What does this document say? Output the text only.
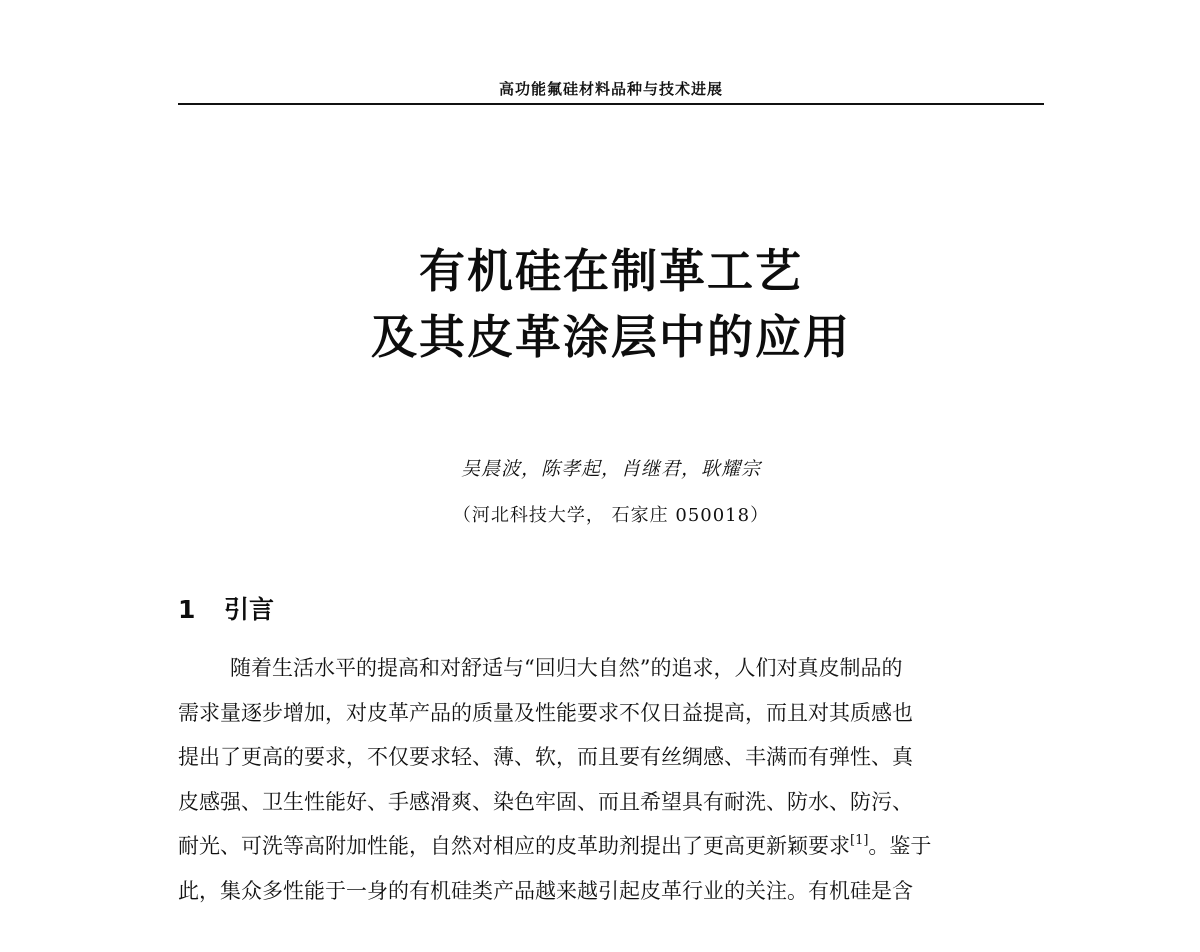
高功能氟硅材料品种与技术进展
有机硅在制革工艺
及其皮革涂层中的应用
吴晨波，陈孝起，肖继君，耿耀宗
（河北科技大学， 石家庄 050018）
1 引言
随着生活水平的提高和对舒适与“回归大自然”的追求，人们对真皮制品的
需求量逐步增加，对皮革产品的质量及性能要求不仅日益提高，而且对其质感也
提出了更高的要求，不仅要求轻、薄、软，而且要有丝绸感、丰满而有弹性、真
皮感强、卫生性能好、手感滑爽、染色牢固、而且希望具有耐洗、防水、防污、
耐光、可洗等高附加性能，自然对相应的皮革助剂提出了更高更新颖要求[1]。鉴于
此，集众多性能于一身的有机硅类产品越来越引起皮革行业的关注。有机硅是含
